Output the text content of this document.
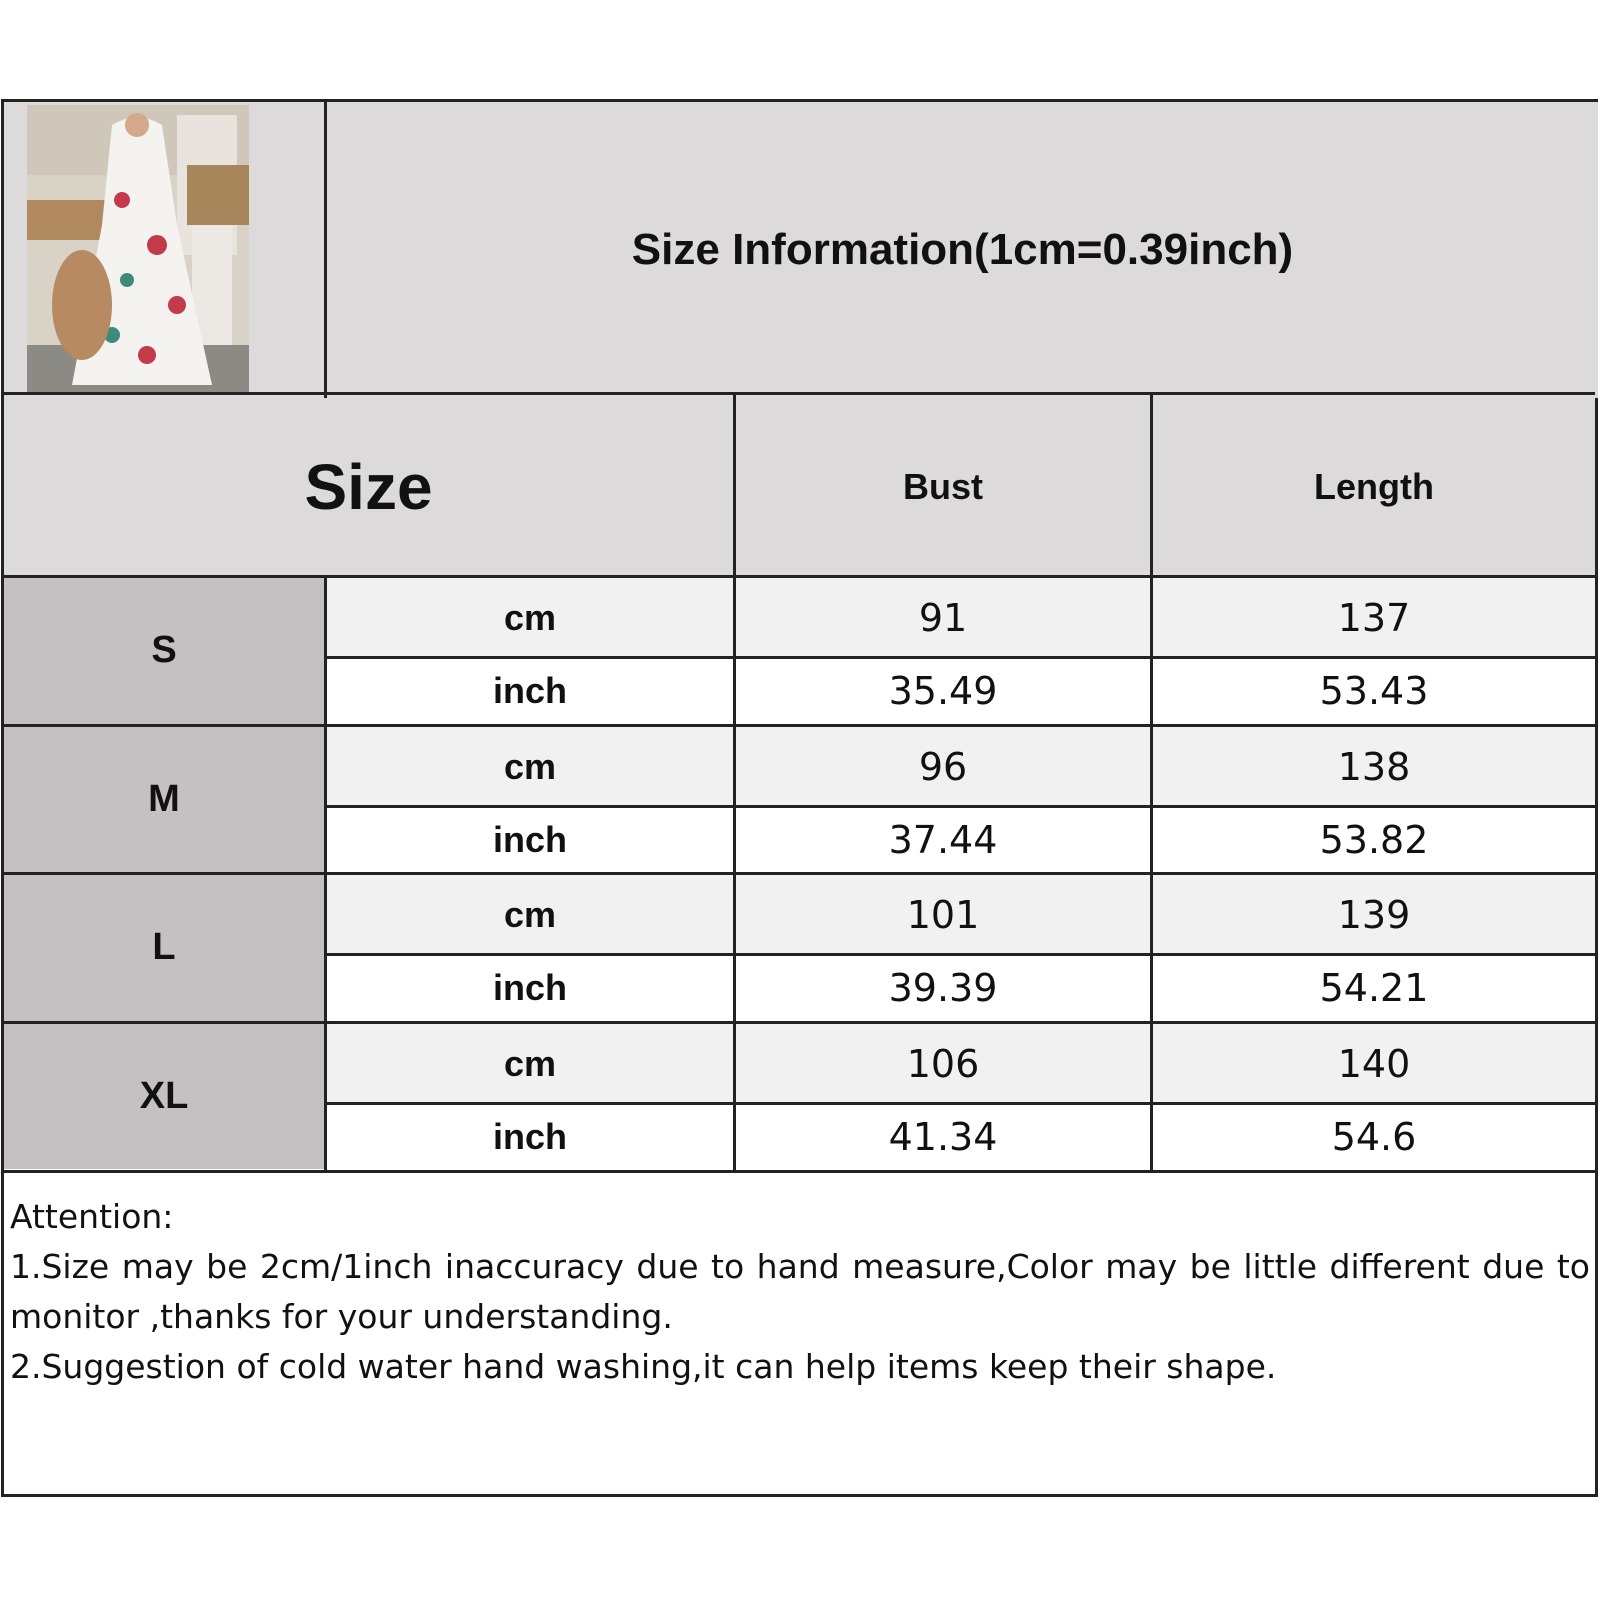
Size Information(1cm=0.39inch)
Size	Bust	Length
S
cm	91	137
inch	35.49	53.43
M
cm	96	138
inch	37.44	53.82
L
cm	101	139
inch	39.39	54.21
XL
cm	106	140
inch	41.34	54.6
Attention:
1.Size may be 2cm/1inch inaccuracy due to hand measure,Color may be little different due to monitor ,thanks for your understanding.
2.Suggestion of cold water hand washing,it can help items keep their shape.
